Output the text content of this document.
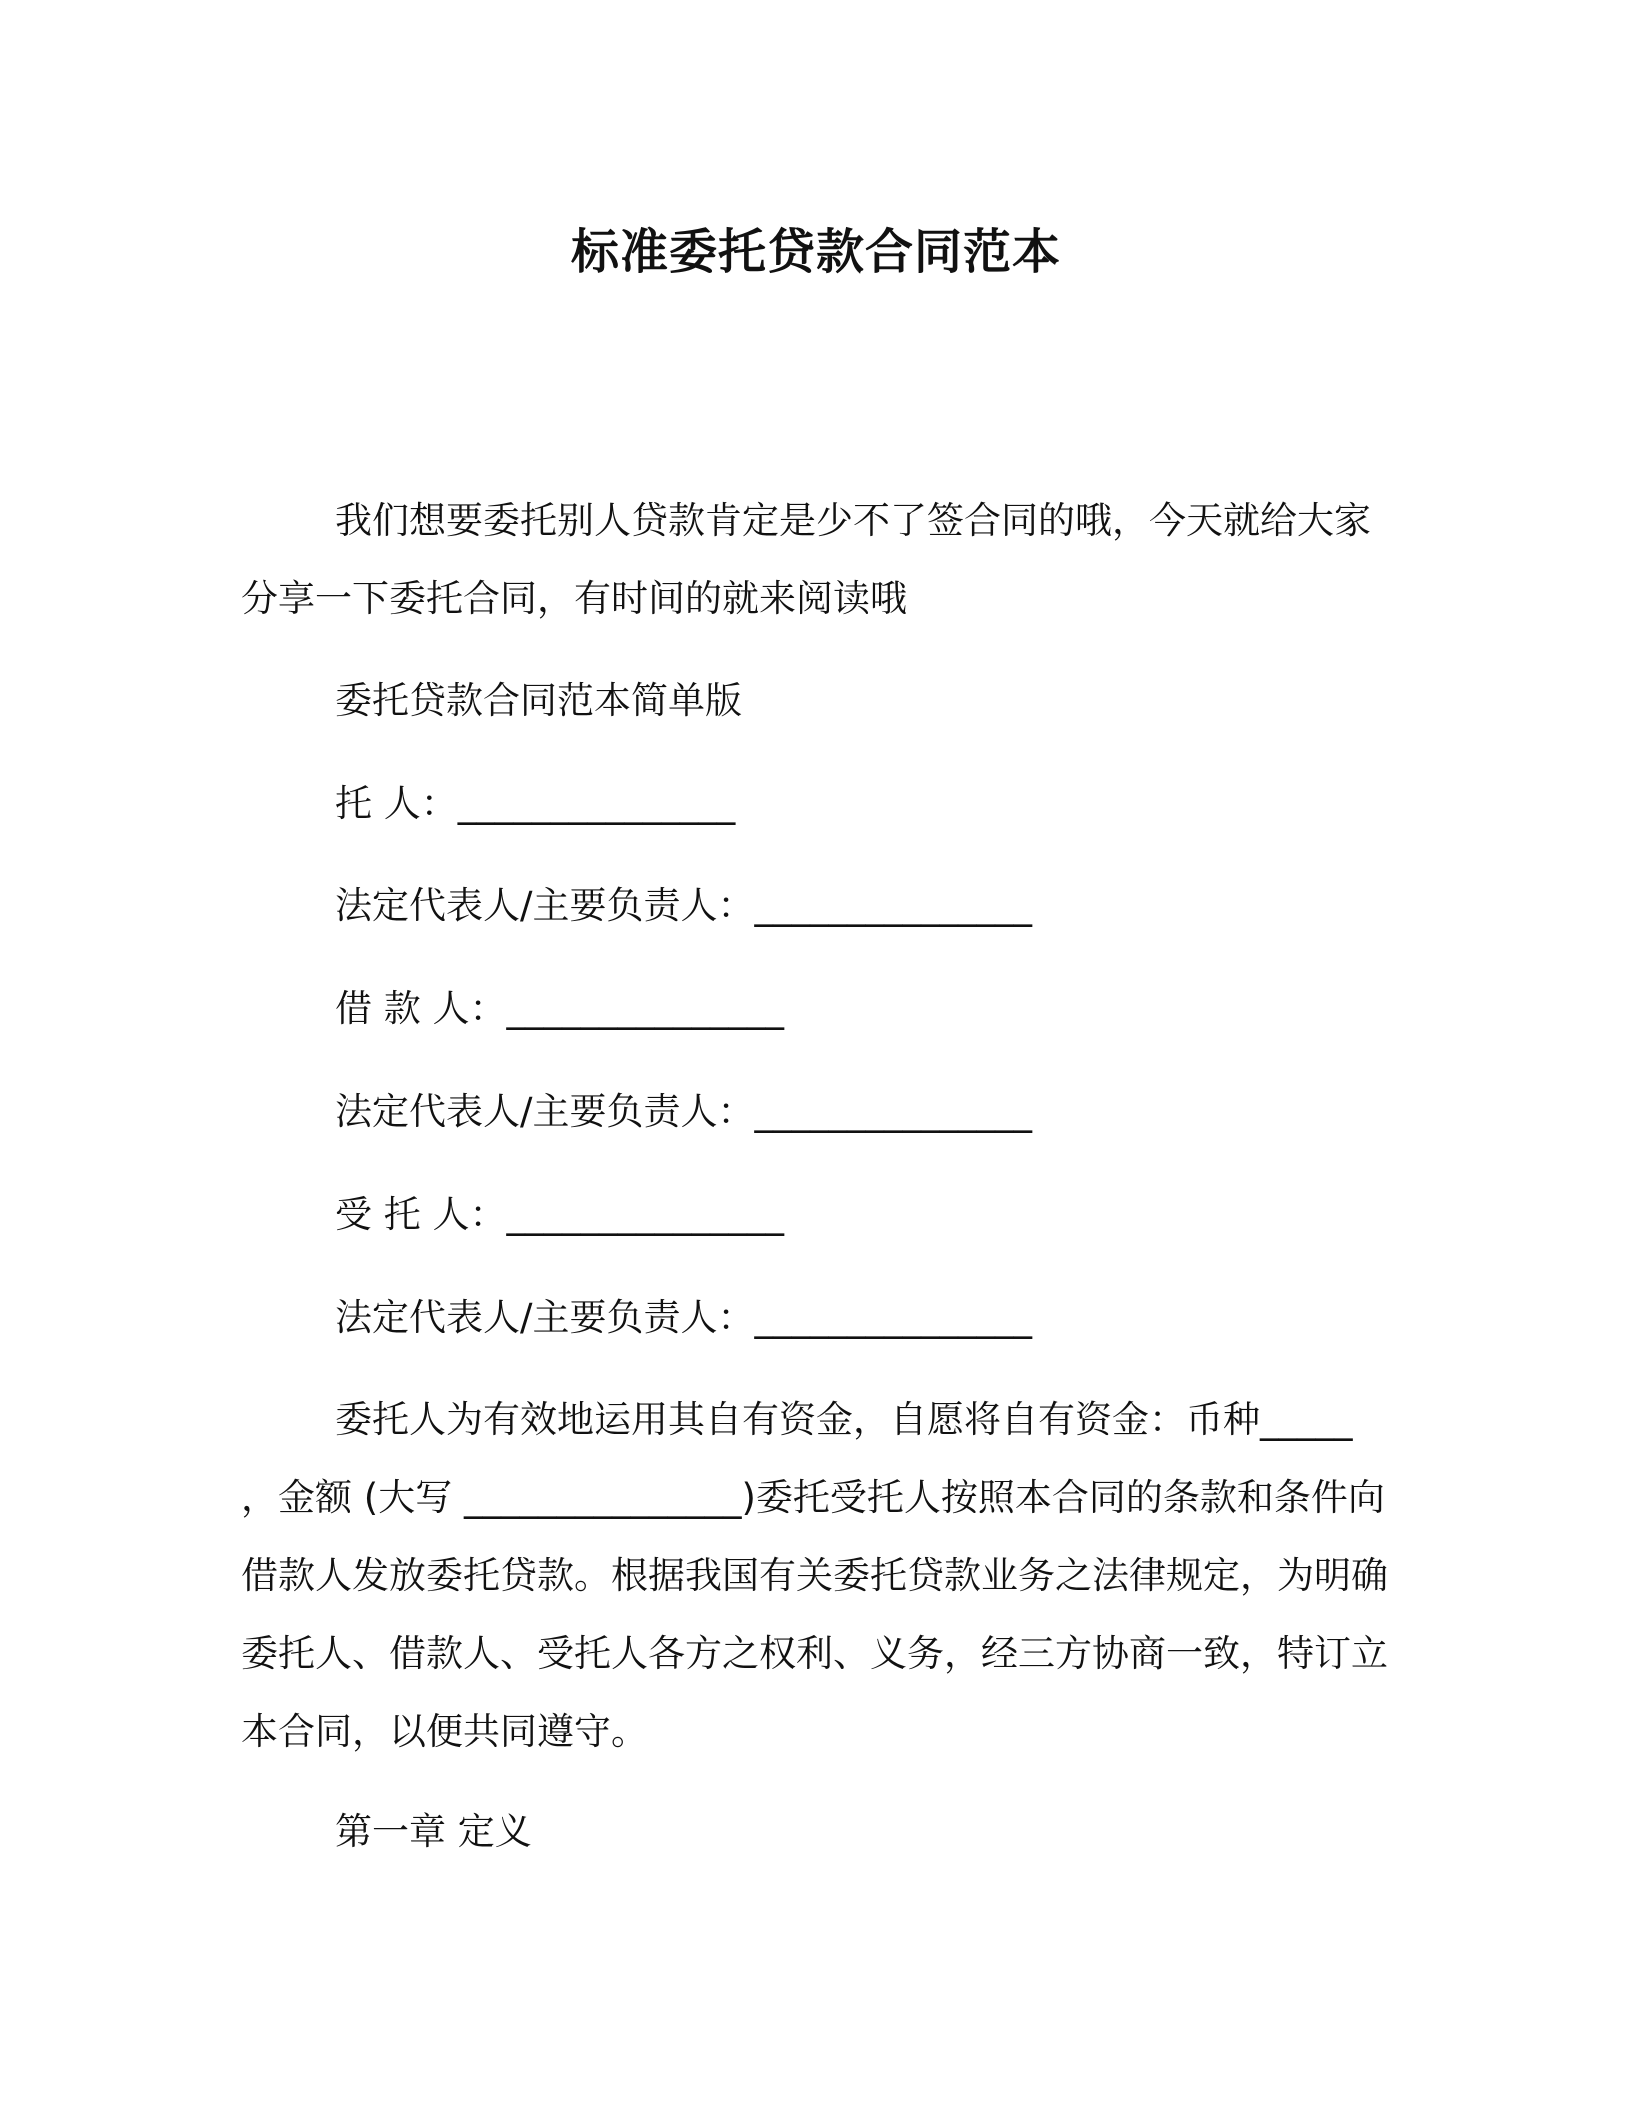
标准委托贷款合同范本
我们想要委托别人贷款肯定是少不了签合同的哦，今天就给大家分享一下委托合同，有时间的就来阅读哦
委托贷款合同范本简单版
托 人：_______________
法定代表人/主要负责人：_______________
借 款 人：_______________
法定代表人/主要负责人：_______________
受 托 人：_______________
法定代表人/主要负责人：_______________
委托人为有效地运用其自有资金，自愿将自有资金：币种_____ ，金额 (大写 _______________)委托受托人按照本合同的条款和条件向借款人发放委托贷款。根据我国有关委托贷款业务之法律规定，为明确委托人、借款人、受托人各方之权利、义务，经三方协商一致，特订立本合同，以便共同遵守。
第一章 定义
